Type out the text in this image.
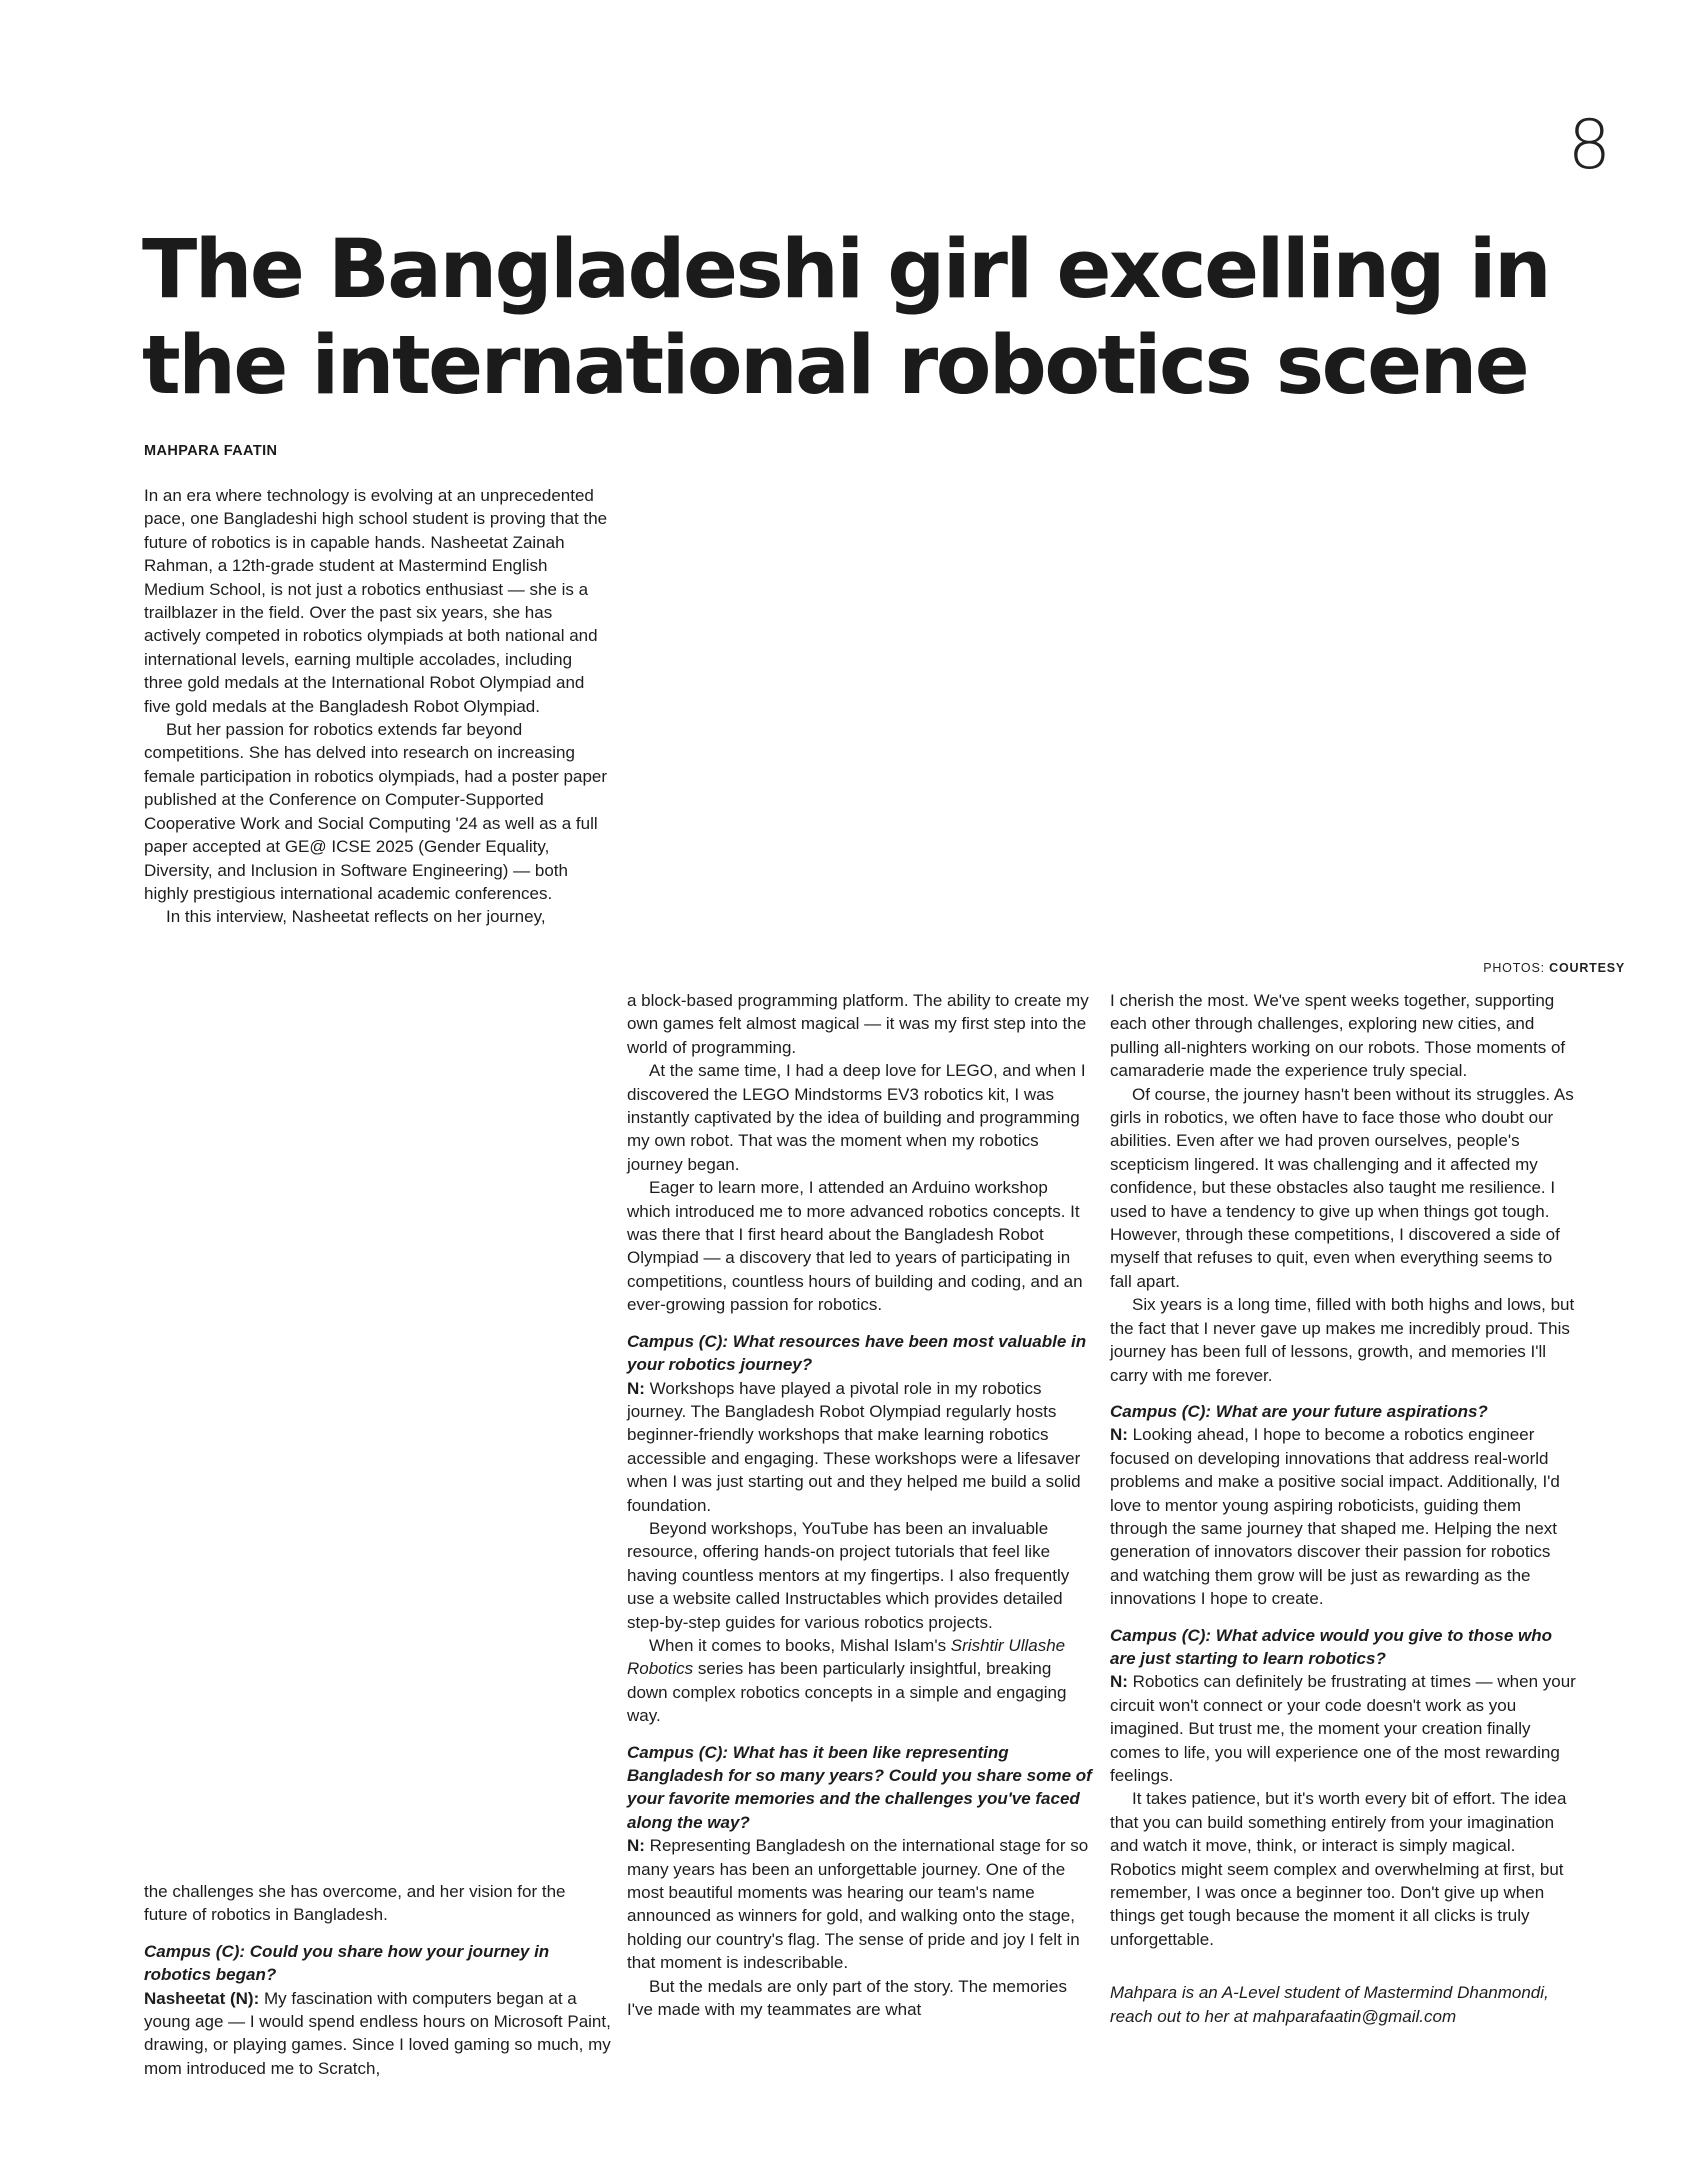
8
The Bangladeshi girl excelling in
the international robotics scene
MAHPARA FAATIN

In an era where technology is evolving at an unprecedented pace, one Bangladeshi high school student is proving that the future of robotics is in capable hands. Nasheetat Zainah Rahman, a 12th-grade student at Mastermind English Medium School, is not just a robotics enthusiast — she is a trailblazer in the field. Over the past six years, she has actively competed in robotics olympiads at both national and international levels, earning multiple accolades, including three gold medals at the International Robot Olympiad and five gold medals at the Bangladesh Robot Olympiad.

But her passion for robotics extends far beyond competitions. She has delved into research on increasing female participation in robotics olympiads, had a poster paper published at the Conference on Computer-Supported Cooperative Work and Social Computing '24 as well as a full paper accepted at GE@ ICSE 2025 (Gender Equality, Diversity, and Inclusion in Software Engineering) — both highly prestigious international academic conferences.

In this interview, Nasheetat reflects on her journey,

PHOTOS: COURTESY

the challenges she has overcome, and her vision for the future of robotics in Bangladesh.

Campus (C): Could you share how your journey in robotics began?

Nasheetat (N): My fascination with computers began at a young age — I would spend endless hours on Microsoft Paint, drawing, or playing games. Since I loved gaming so much, my mom introduced me to Scratch,

a block-based programming platform. The ability to create my own games felt almost magical — it was my first step into the world of programming.

At the same time, I had a deep love for LEGO, and when I discovered the LEGO Mindstorms EV3 robotics kit, I was instantly captivated by the idea of building and programming my own robot. That was the moment when my robotics journey began.

Eager to learn more, I attended an Arduino workshop which introduced me to more advanced robotics concepts. It was there that I first heard about the Bangladesh Robot Olympiad — a discovery that led to years of participating in competitions, countless hours of building and coding, and an ever-growing passion for robotics.

Campus (C): What resources have been most valuable in your robotics journey?

N: Workshops have played a pivotal role in my robotics journey. The Bangladesh Robot Olympiad regularly hosts beginner-friendly workshops that make learning robotics accessible and engaging. These workshops were a lifesaver when I was just starting out and they helped me build a solid foundation.

Beyond workshops, YouTube has been an invaluable resource, offering hands-on project tutorials that feel like having countless mentors at my fingertips. I also frequently use a website called Instructables which provides detailed step-by-step guides for various robotics projects.

When it comes to books, Mishal Islam's Srishtir Ullashe Robotics series has been particularly insightful, breaking down complex robotics concepts in a simple and engaging way.

Campus (C): What has it been like representing Bangladesh for so many years? Could you share some of your favorite memories and the challenges you've faced along the way?

N: Representing Bangladesh on the international stage for so many years has been an unforgettable journey. One of the most beautiful moments was hearing our team's name announced as winners for gold, and walking onto the stage, holding our country's flag. The sense of pride and joy I felt in that moment is indescribable.

But the medals are only part of the story. The memories I've made with my teammates are what

I cherish the most. We've spent weeks together, supporting each other through challenges, exploring new cities, and pulling all-nighters working on our robots. Those moments of camaraderie made the experience truly special.

Of course, the journey hasn't been without its struggles. As girls in robotics, we often have to face those who doubt our abilities. Even after we had proven ourselves, people's scepticism lingered. It was challenging and it affected my confidence, but these obstacles also taught me resilience. I used to have a tendency to give up when things got tough. However, through these competitions, I discovered a side of myself that refuses to quit, even when everything seems to fall apart.

Six years is a long time, filled with both highs and lows, but the fact that I never gave up makes me incredibly proud. This journey has been full of lessons, growth, and memories I'll carry with me forever.

Campus (C): What are your future aspirations?

N: Looking ahead, I hope to become a robotics engineer focused on developing innovations that address real-world problems and make a positive social impact. Additionally, I'd love to mentor young aspiring roboticists, guiding them through the same journey that shaped me. Helping the next generation of innovators discover their passion for robotics and watching them grow will be just as rewarding as the innovations I hope to create.

Campus (C): What advice would you give to those who are just starting to learn robotics?

N: Robotics can definitely be frustrating at times — when your circuit won't connect or your code doesn't work as you imagined. But trust me, the moment your creation finally comes to life, you will experience one of the most rewarding feelings.

It takes patience, but it's worth every bit of effort. The idea that you can build something entirely from your imagination and watch it move, think, or interact is simply magical. Robotics might seem complex and overwhelming at first, but remember, I was once a beginner too. Don't give up when things get tough because the moment it all clicks is truly unforgettable.

Mahpara is an A-Level student of Mastermind Dhanmondi, reach out to her at mahparafaatin@gmail.com
